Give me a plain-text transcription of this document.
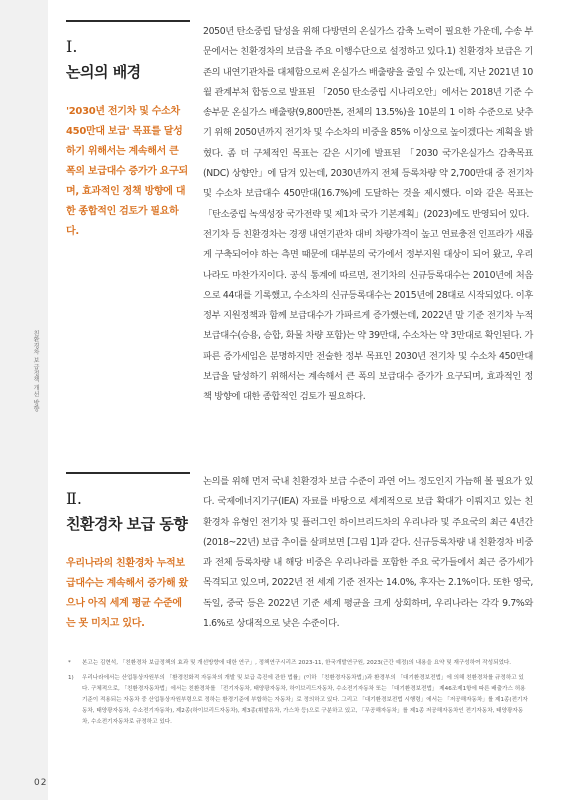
친환경차 보급정책 개선 방향
Ⅰ.
논의의 배경
'2030년 전기차 및 수소차 450만대 보급' 목표를 달성하기 위해서는 계속해서 큰 폭의 보급대수 증가가 요구되며, 효과적인 정책 방향에 대한 종합적인 검토가 필요하다.

2050년 탄소중립 달성을 위해 다방면의 온실가스 감축 노력이 필요한 가운데, 수송 부문에서는 친환경차의 보급을 주요 이행수단으로 설정하고 있다.1) 친환경차 보급은 기존의 내연기관차를 대체함으로써 온실가스 배출량을 줄일 수 있는데, 지난 2021년 10월 관계부처 합동으로 발표된 「2050 탄소중립 시나리오안」에서는 2018년 기준 수송부문 온실가스 배출량(9,800만톤, 전체의 13.5%)을 10분의 1 이하 수준으로 낮추기 위해 2050년까지 전기차 및 수소차의 비중을 85% 이상으로 높이겠다는 계획을 밝혔다. 좀 더 구체적인 목표는 같은 시기에 발표된 「2030 국가온실가스 감축목표(NDC) 상향안」에 담겨 있는데, 2030년까지 전체 등록차량 약 2,700만대 중 전기차 및 수소차 보급대수 450만대(16.7%)에 도달하는 것을 제시했다. 이와 같은 목표는 「탄소중립 녹색성장 국가전략 및 제1차 국가 기본계획」(2023)에도 반영되어 있다.

전기차 등 친환경차는 경쟁 내연기관차 대비 차량가격이 높고 연료충전 인프라가 새롭게 구축되어야 하는 측면 때문에 대부분의 국가에서 정부지원 대상이 되어 왔고, 우리나라도 마찬가지이다. 공식 통계에 따르면, 전기차의 신규등록대수는 2010년에 처음으로 44대를 기록했고, 수소차의 신규등록대수는 2015년에 28대로 시작되었다. 이후 정부 지원정책과 함께 보급대수가 가파르게 증가했는데, 2022년 말 기준 전기차 누적보급대수(승용, 승합, 화물 차량 포함)는 약 39만대, 수소차는 약 3만대로 확인된다. 가파른 증가세임은 분명하지만 전술한 정부 목표인 2030년 전기차 및 수소차 450만대 보급을 달성하기 위해서는 계속해서 큰 폭의 보급대수 증가가 요구되며, 효과적인 정책 방향에 대한 종합적인 검토가 필요하다.

Ⅱ.
친환경차 보급 동향
우리나라의 친환경차 누적보급대수는 계속해서 증가해 왔으나 아직 세계 평균 수준에는 못 미치고 있다.

논의를 위해 먼저 국내 친환경차 보급 수준이 과연 어느 정도인지 가늠해 볼 필요가 있다. 국제에너지기구(IEA) 자료를 바탕으로 세계적으로 보급 확대가 이뤄지고 있는 친환경차 유형인 전기차 및 플러그인 하이브리드차의 우리나라 및 주요국의 최근 4년간(2018~22년) 보급 추이를 살펴보면 [그림 1]과 같다. 신규등록차량 내 친환경차 비중과 전체 등록차량 내 해당 비중은 우리나라를 포함한 주요 국가들에서 최근 증가세가 목격되고 있으며, 2022년 전 세계 기준 전자는 14.0%, 후자는 2.1%이다. 또한 영국, 독일, 중국 등은 2022년 기준 세계 평균을 크게 상회하며, 우리나라는 각각 9.7%와 1.6%로 상대적으로 낮은 수준이다.

*	본고는 김현석, 「친환경차 보급정책의 효과 및 개선방향에 대한 연구」, 정책연구시리즈 2023-11, 한국개발연구원, 2023(근간 예정)의 내용을 요약 및 재구성하여 작성되었다.
1)	우리나라에서는 산업통상자원부의 「환경친화적 자동차의 개발 및 보급 촉진에 관한 법률」(이하 「친환경자동차법」)과 환경부의 「대기환경보전법」에 의해 친환경차를 규정하고 있다. 구체적으로, 「친환경자동차법」에서는 친환경차를 「전기자동차, 태양광자동차, 하이브리드자동차, 수소전기자동차 또는 「대기환경보전법」 제46조제1항에 따른 배출가스 허용기준이 적용되는 자동차 중 산업통상자원부령으로 정하는 환경기준에 부합하는 자동차」로 정의하고 있다. 그리고 「대기환경보전법 시행령」에서는 「저공해자동차」를 제1종(전기자동차, 태양광자동차, 수소전기자동차), 제2종(하이브리드자동차), 제3종(휘발유차, 가스차 등)으로 구분하고 있고, 「무공해자동차」를 제1종 저공해자동차인 전기자동차, 태양광자동차, 수소전기자동차로 규정하고 있다.
02
